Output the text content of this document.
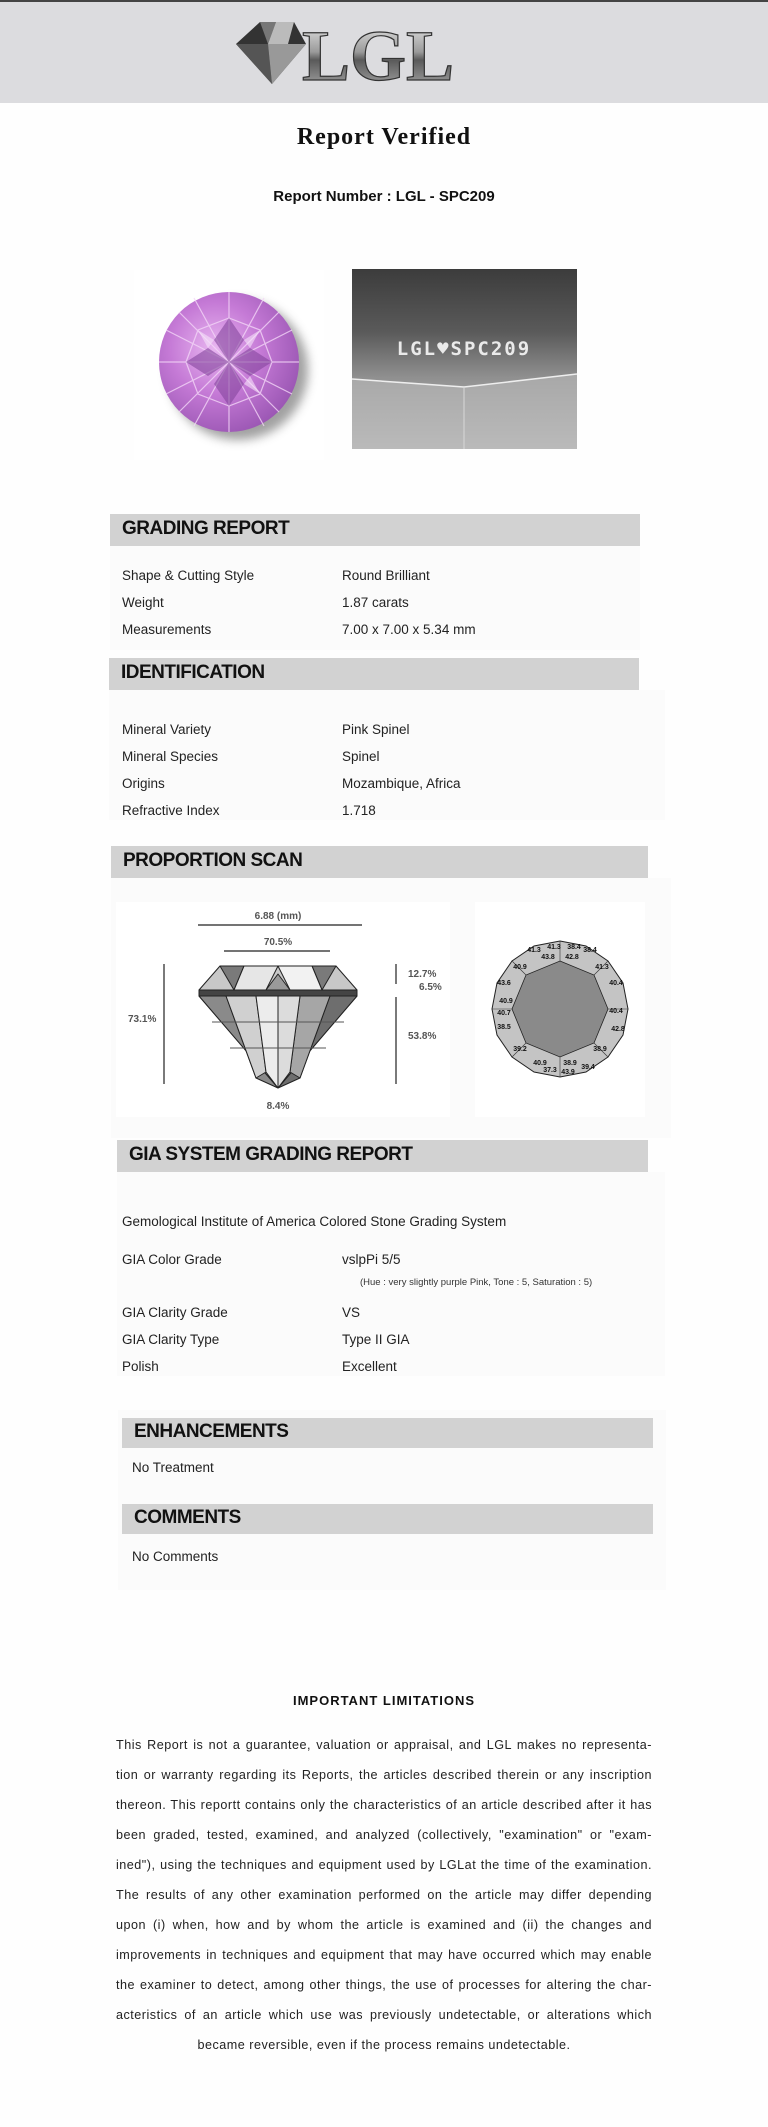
LGL
Report Verified
Report Number : LGL - SPC209
LGL♥SPC209
GRADING REPORT
Shape & Cutting Style	Round Brilliant
Weight	1.87 carats
Measurements	7.00 x 7.00 x 5.34 mm
IDENTIFICATION
Mineral Variety	Pink Spinel
Mineral Species	Spinel
Origins	Mozambique, Africa
Refractive Index	1.718
PROPORTION SCAN
6.88 (mm)
70.5%
73.1%
12.7%
6.5%
53.8%
8.4%
41.3 38.4
41.3	38.4
43.8 42.8
41.3
40.9
40.4
43.6
40.4
40.9
40.7
38.5	42.8
39.2	38.9
40.9 38.9
39.4
37.3 43.9
GIA SYSTEM GRADING REPORT
Gemological Institute of America Colored Stone Grading System
GIA Color Grade	vslpPi 5/5
(Hue : very slightly purple Pink, Tone : 5, Saturation : 5)
GIA Clarity Grade	VS
GIA Clarity Type	Type II GIA
Polish	Excellent
ENHANCEMENTS
No Treatment
COMMENTS
No Comments
IMPORTANT LIMITATIONS
This Report is not a guarantee, valuation or appraisal, and LGL makes no representa-tion or warranty regarding its Reports, the articles described therein or any inscription thereon. This reportt contains only the characteristics of an article described after it has been graded, tested, examined, and analyzed (collectively, "examination" or "exam-ined"), using the techniques and equipment used by LGLat the time of the examination. The results of any other examination performed on the article may differ depending upon (i) when, how and by whom the article is examined and (ii) the changes and improvements in techniques and equipment that may have occurred which may enable the examiner to detect, among other things, the use of processes for altering the char-acteristics of an article which use was previously undetectable, or alterations which became reversible, even if the process remains undetectable.
